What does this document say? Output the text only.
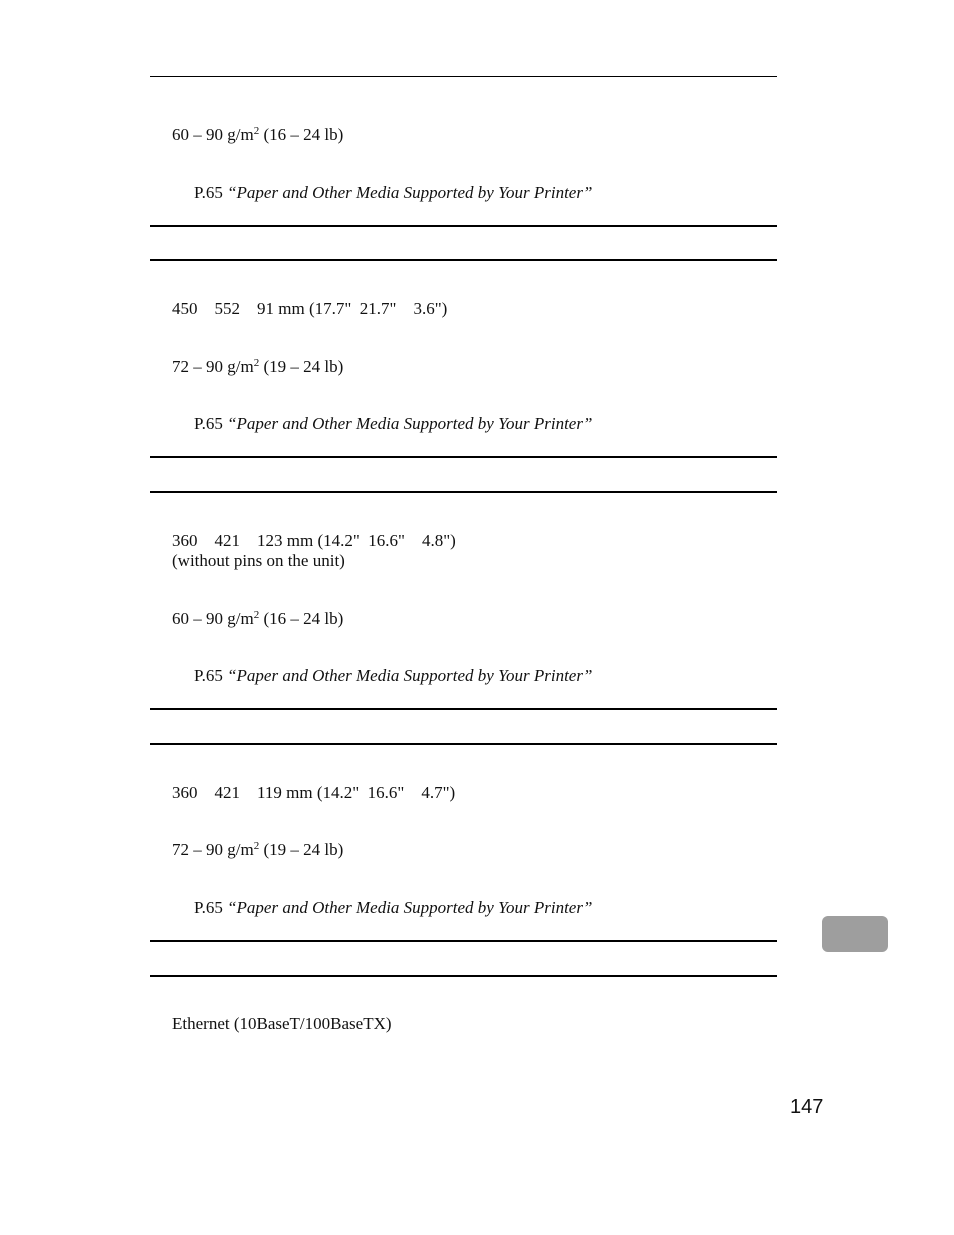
60 – 90 $g/m^2$ (16 – 24 lb)
P.65 “Paper and Other Media Supported by Your Printer”
450    552    91 mm (17.7"  21.7"    3.6")
72 – 90 $g/m^2$ (19 – 24 lb)
P.65 “Paper and Other Media Supported by Your Printer”
360    421    123 mm (14.2"  16.6"    4.8")
(without pins on the unit)
60 – 90 $g/m^2$ (16 – 24 lb)
P.65 “Paper and Other Media Supported by Your Printer”
360    421    119 mm (14.2"  16.6"    4.7")
72 – 90 $g/m^2$ (19 – 24 lb)
P.65 “Paper and Other Media Supported by Your Printer”
Ethernet (10BaseT/100BaseTX)
147
